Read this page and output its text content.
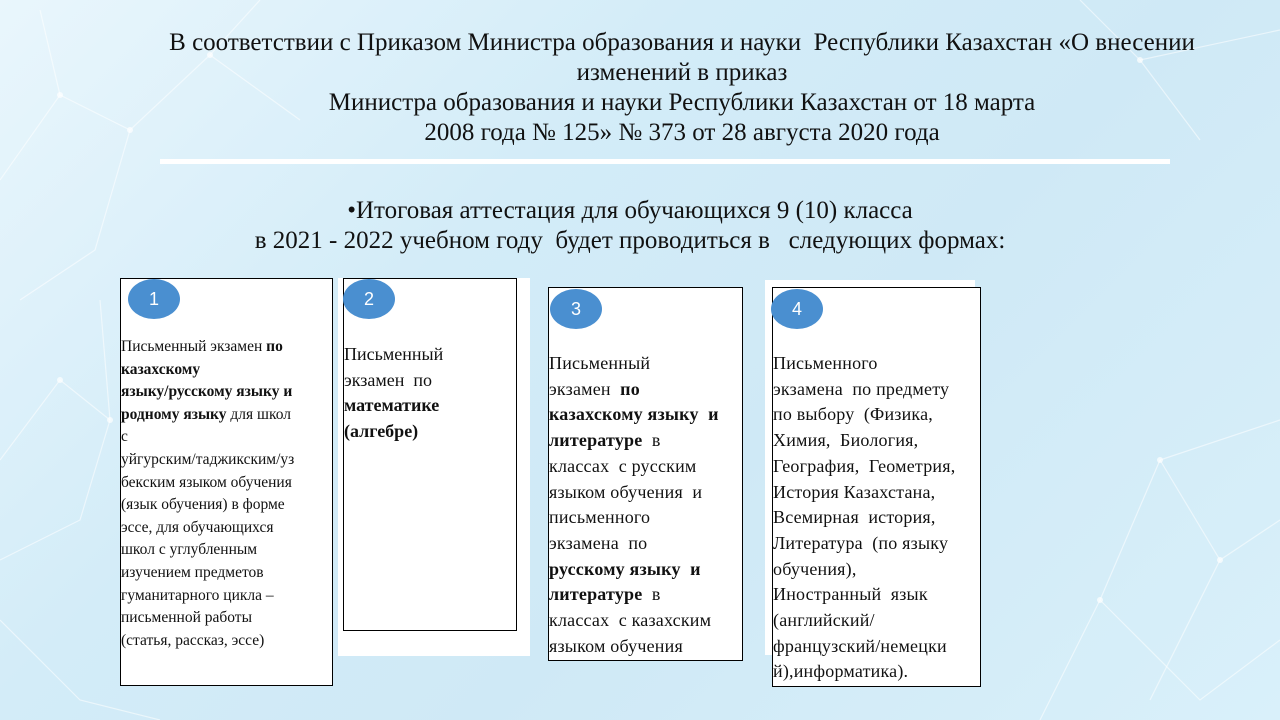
В соответствии с Приказом Министра образования и науки  Республики Казахстан «О внесении
изменений в приказ
Министра образования и науки Республики Казахстан от 18 марта
2008 года № 125» № 373 от 28 августа 2020 года
•Итоговая аттестация для обучающихся 9 (10) класса
в 2021 - 2022 учебном году  будет проводиться в   следующих формах:
Письменный экзамен по
казахскому
языку/русскому языку и
родному языку для школ
с
уйгурским/таджикским/уз
бекским языком обучения
(язык обучения) в форме
эссе, для обучающихся
школ с углубленным
изучением предметов
гуманитарного цикла –
письменной работы
(статья, рассказ, эссе)
1
Письменный
экзамен  по
математике
(алгебре)
2
Письменный
экзамен  по
казахскому языку  и
литературе  в
классах  с русским
языком обучения  и
письменного
экзамена  по
русскому языку  и
литературе  в
классах  с казахским
языком обучения
3
Письменного
экзамена  по предмету
по выбору  (Физика,
Химия,  Биология,
География,  Геометрия,
История Казахстана,
Всемирная  история,
Литература  (по языку
обучения),
Иностранный  язык
(английский/
французский/немецки
й),информатика).
4
